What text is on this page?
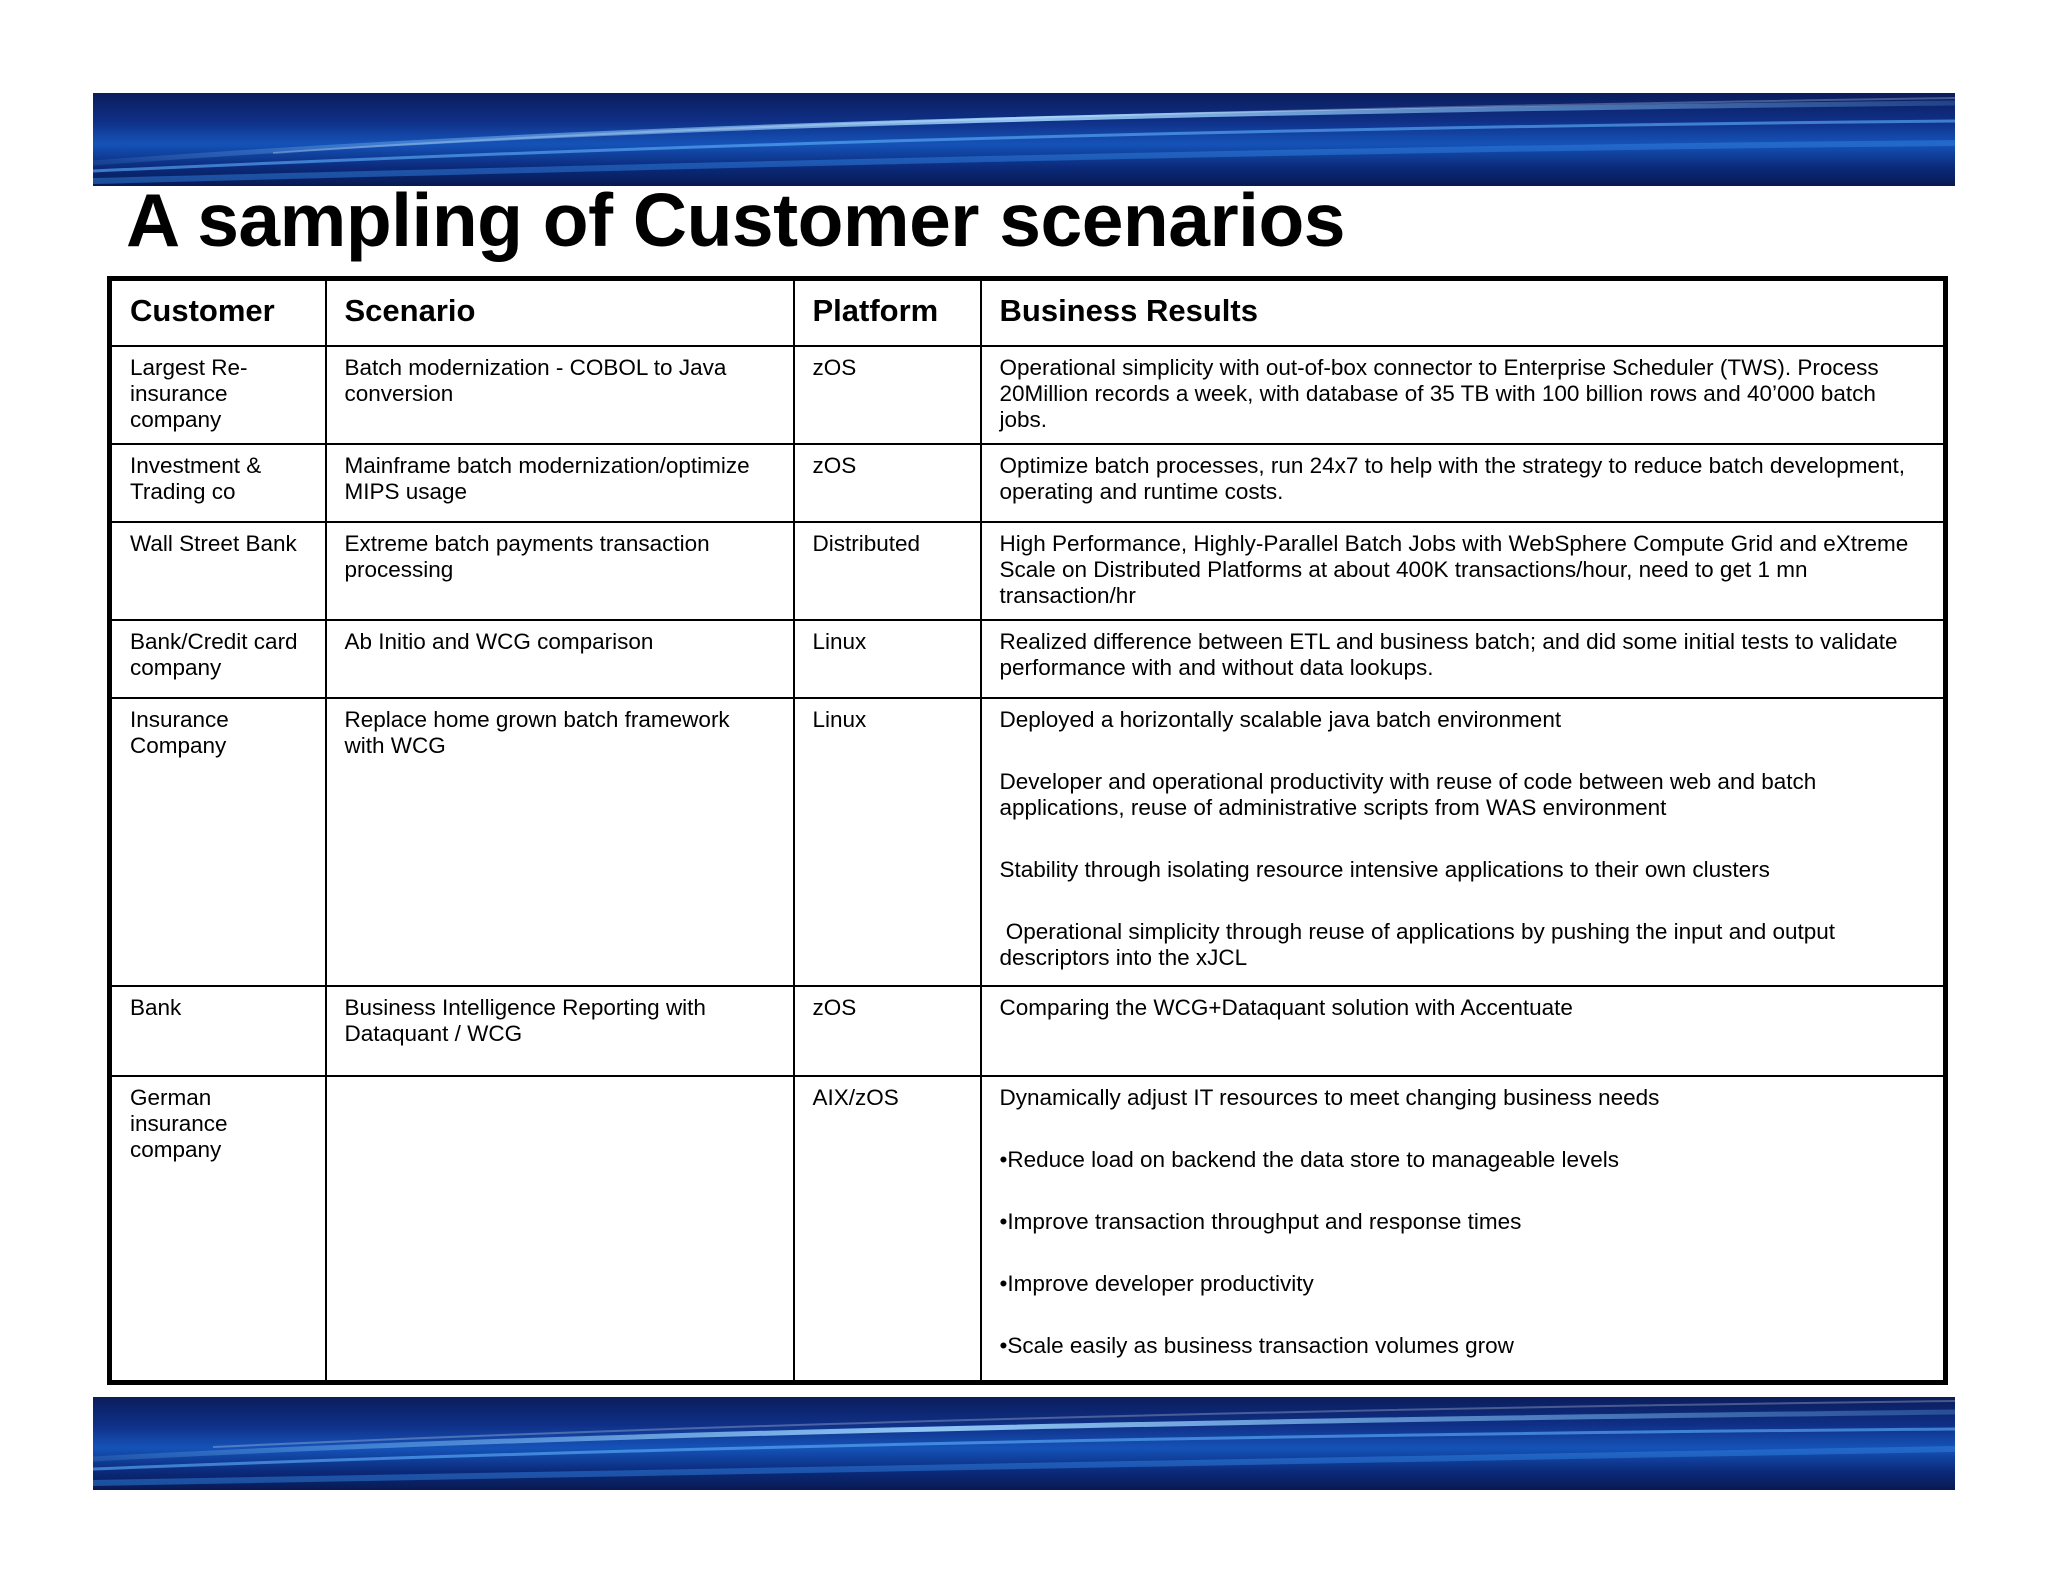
A sampling of Customer scenarios
Customer	Scenario	Platform	Business Results
Largest Re-insurance company	Batch modernization - COBOL to Java conversion	zOS	Operational simplicity with out-of-box connector to Enterprise Scheduler (TWS). Process 20Million records a week, with database of 35 TB with 100 billion rows and 40’000 batch jobs.

Investment & Trading co	Mainframe batch modernization/optimize MIPS usage	zOS	Optimize batch processes, run 24x7 to help with the strategy to reduce batch development, operating and runtime costs.

Wall Street Bank	Extreme batch payments transaction processing	Distributed	High Performance, Highly-Parallel Batch Jobs with WebSphere Compute Grid and eXtreme Scale on Distributed Platforms at about 400K transactions/hour, need to get 1 mn transaction/hr

Bank/Credit card company	Ab Initio and WCG comparison	Linux	Realized difference between ETL and business batch; and did some initial tests to validate performance with and without data lookups.

Insurance Company	Replace home grown batch framework with WCG	Linux	Deployed a horizontally scalable java batch environment

Developer and operational productivity with reuse of code between web and batch applications, reuse of administrative scripts from WAS environment

Stability through isolating resource intensive applications to their own clusters

Operational simplicity through reuse of applications by pushing the input and output descriptors into the xJCL

Bank	Business Intelligence Reporting with Dataquant / WCG	zOS	Comparing the WCG+Dataquant solution with Accentuate

German insurance company		AIX/zOS	Dynamically adjust IT resources to meet changing business needs

•Reduce load on backend the data store to manageable levels

•Improve transaction throughput and response times

•Improve developer productivity

•Scale easily as business transaction volumes grow
